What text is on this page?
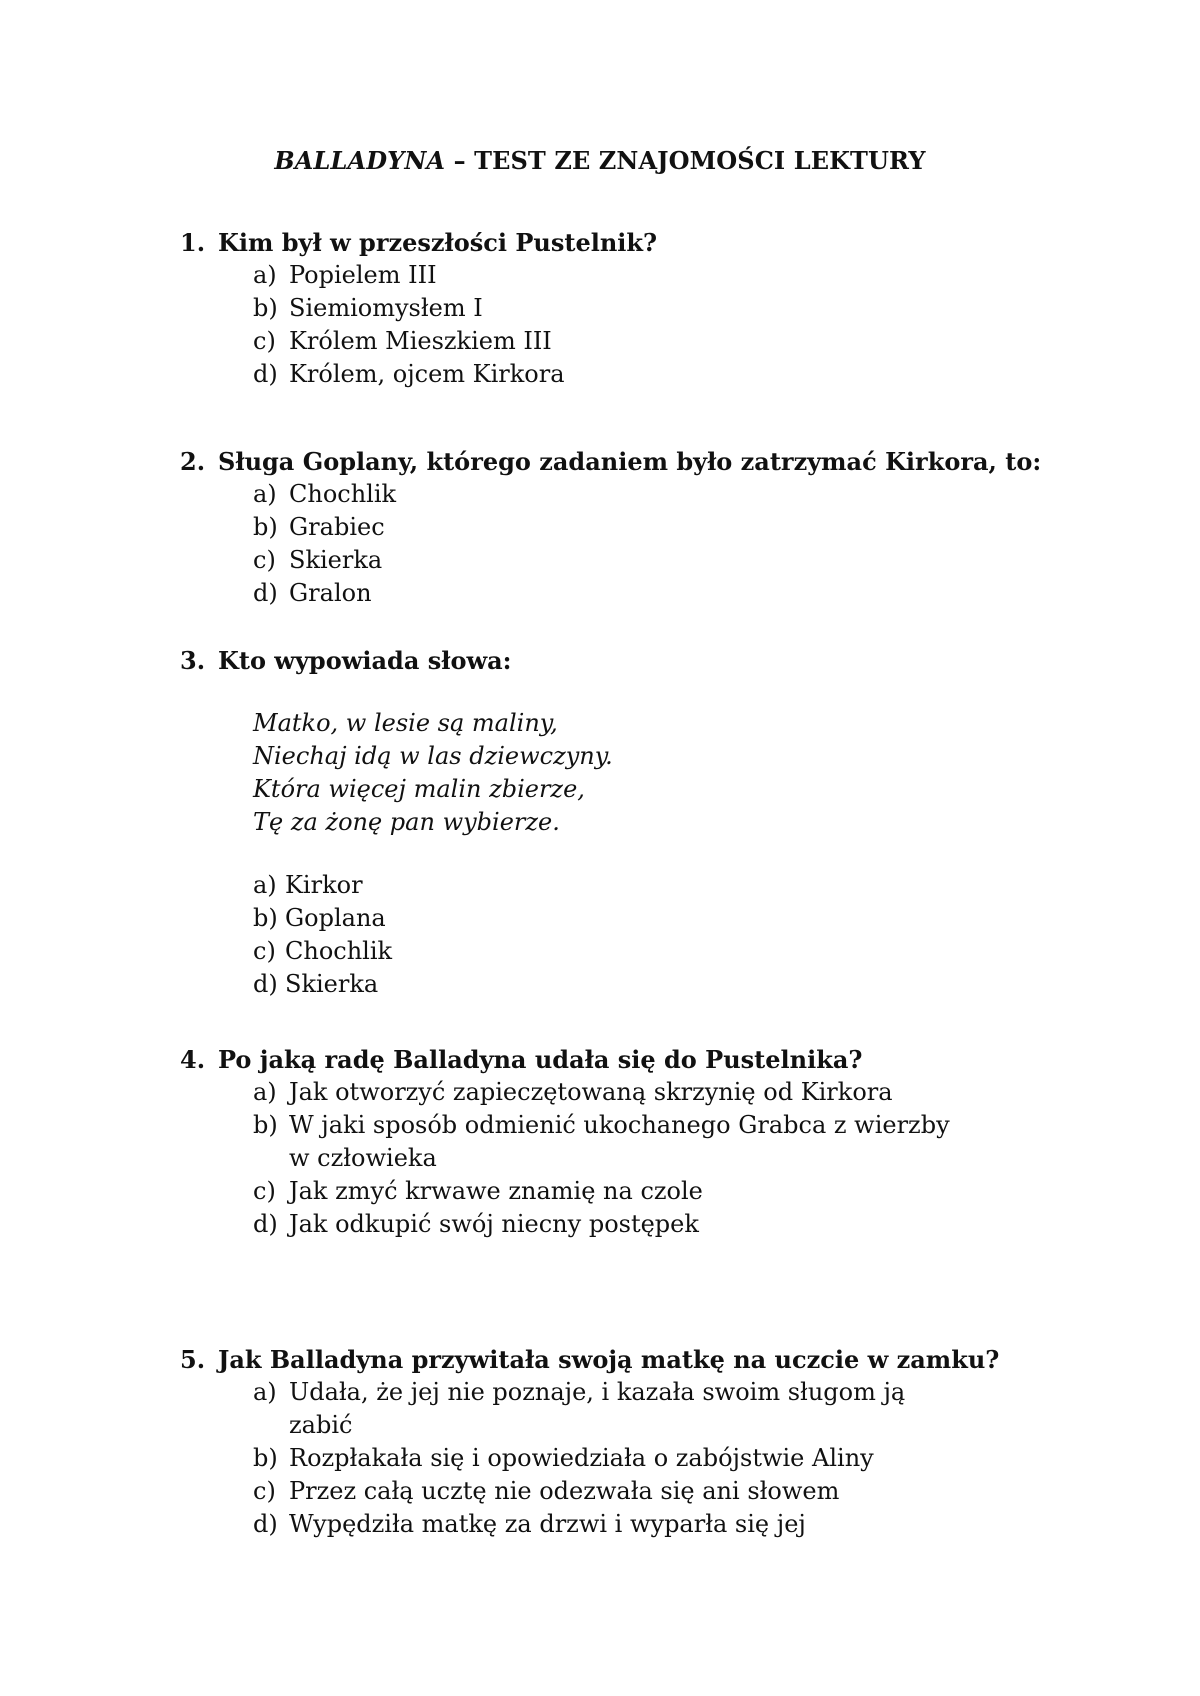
BALLADYNA – TEST ZE ZNAJOMOŚCI LEKTURY
1. Kim był w przeszłości Pustelnik?
a) Popielem III
b) Siemiomysłem I
c) Królem Mieszkiem III
d) Królem, ojcem Kirkora
2. Sługa Goplany, którego zadaniem było zatrzymać Kirkora, to:
a) Chochlik
b) Grabiec
c) Skierka
d) Gralon
3. Kto wypowiada słowa:
Matko, w lesie są maliny,
Niechaj idą w las dziewczyny.
Która więcej malin zbierze,
Tę za żonę pan wybierze.
a) Kirkor
b) Goplana
c) Chochlik
d) Skierka
4. Po jaką radę Balladyna udała się do Pustelnika?
a) Jak otworzyć zapieczętowaną skrzynię od Kirkora
b) W jaki sposób odmienić ukochanego Grabca z wierzby w człowieka
c) Jak zmyć krwawe znamię na czole
d) Jak odkupić swój niecny postępek
5. Jak Balladyna przywitała swoją matkę na uczcie w zamku?
a) Udała, że jej nie poznaje, i kazała swoim sługom ją zabić
b) Rozpłakała się i opowiedziała o zabójstwie Aliny
c) Przez całą ucztę nie odezwała się ani słowem
d) Wypędziła matkę za drzwi i wyparła się jej
